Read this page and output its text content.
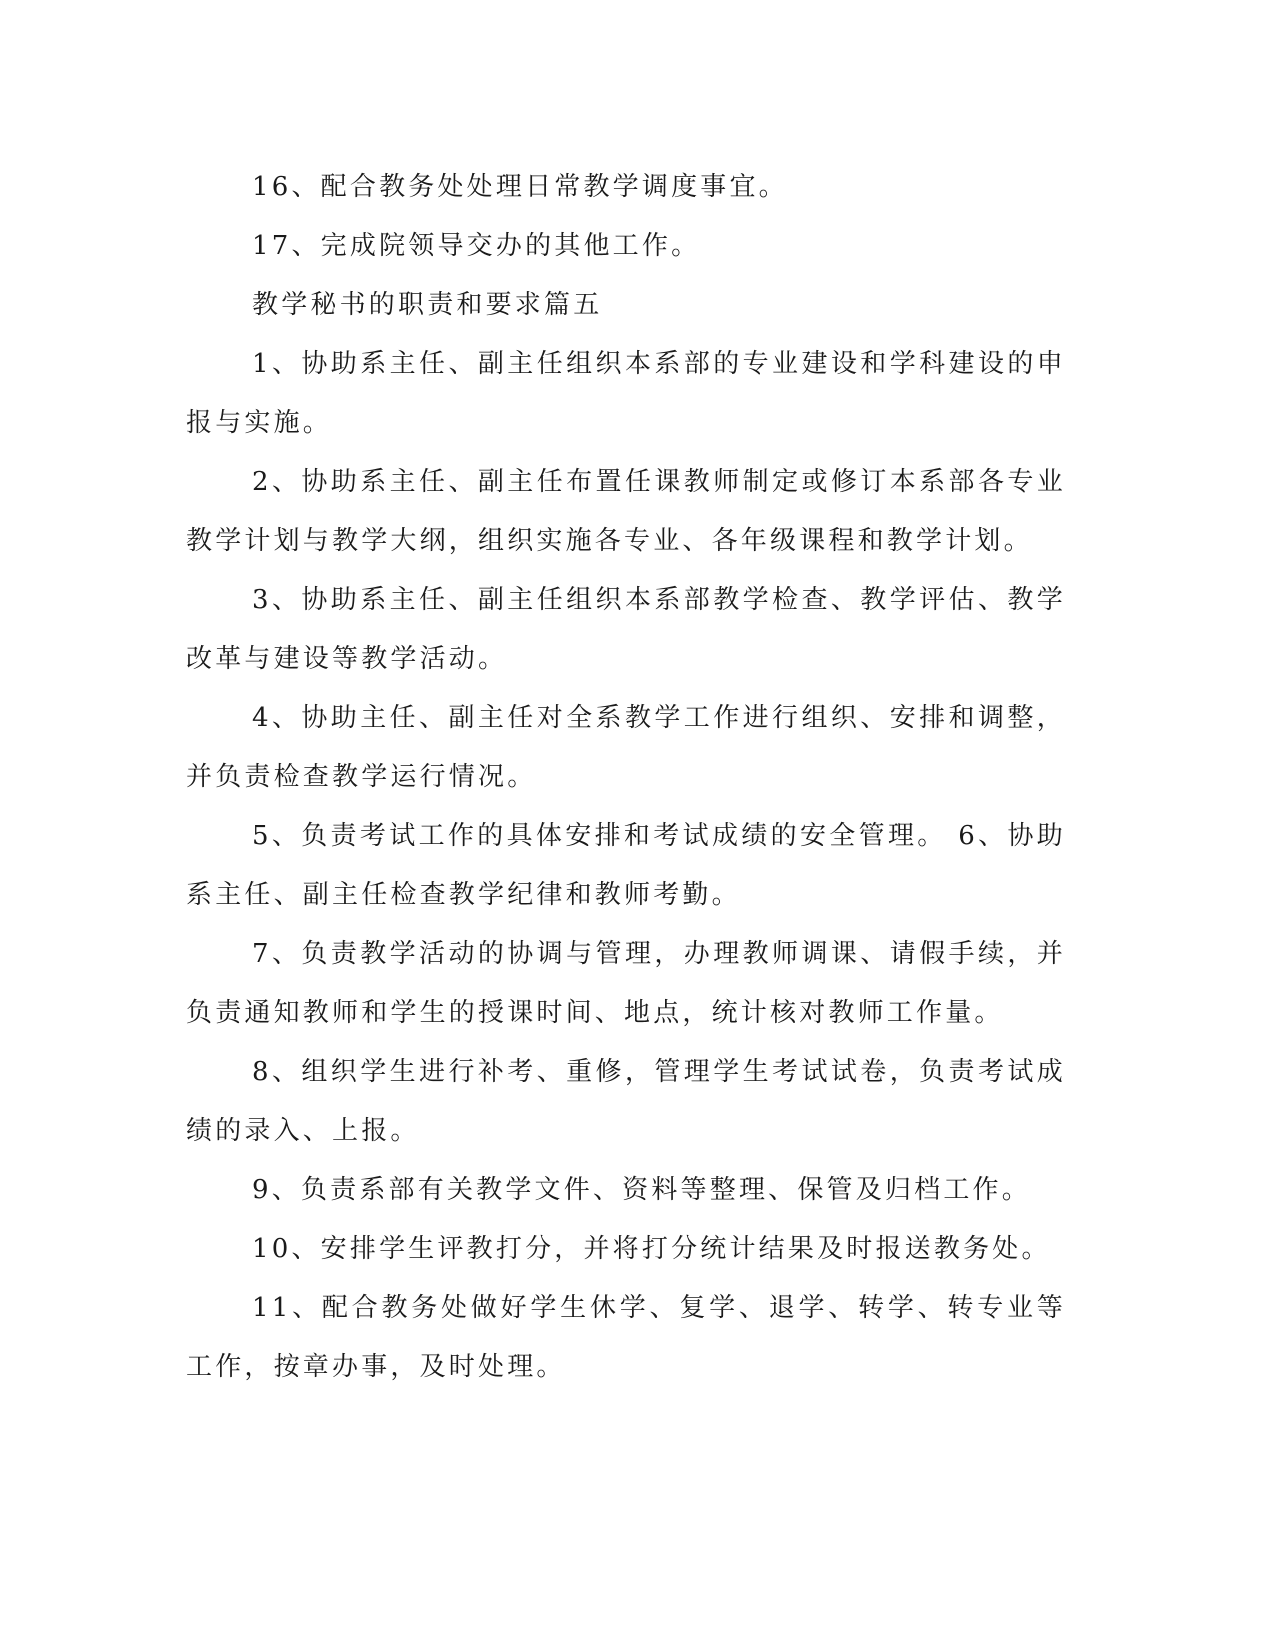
16、配合教务处处理日常教学调度事宜。

17、完成院领导交办的其他工作。

教学秘书的职责和要求篇五

1、协助系主任、副主任组织本系部的专业建设和学科建设的申报与实施。

2、协助系主任、副主任布置任课教师制定或修订本系部各专业教学计划与教学大纲，组织实施各专业、各年级课程和教学计划。

3、协助系主任、副主任组织本系部教学检查、教学评估、教学改革与建设等教学活动。

4、协助主任、副主任对全系教学工作进行组织、安排和调整，并负责检查教学运行情况。

5、负责考试工作的具体安排和考试成绩的安全管理。 6、协助系主任、副主任检查教学纪律和教师考勤。

7、负责教学活动的协调与管理，办理教师调课、请假手续，并负责通知教师和学生的授课时间、地点，统计核对教师工作量。

8、组织学生进行补考、重修，管理学生考试试卷，负责考试成绩的录入、上报。

9、负责系部有关教学文件、资料等整理、保管及归档工作。

10、安排学生评教打分，并将打分统计结果及时报送教务处。

11、配合教务处做好学生休学、复学、退学、转学、转专业等工作，按章办事，及时处理。
